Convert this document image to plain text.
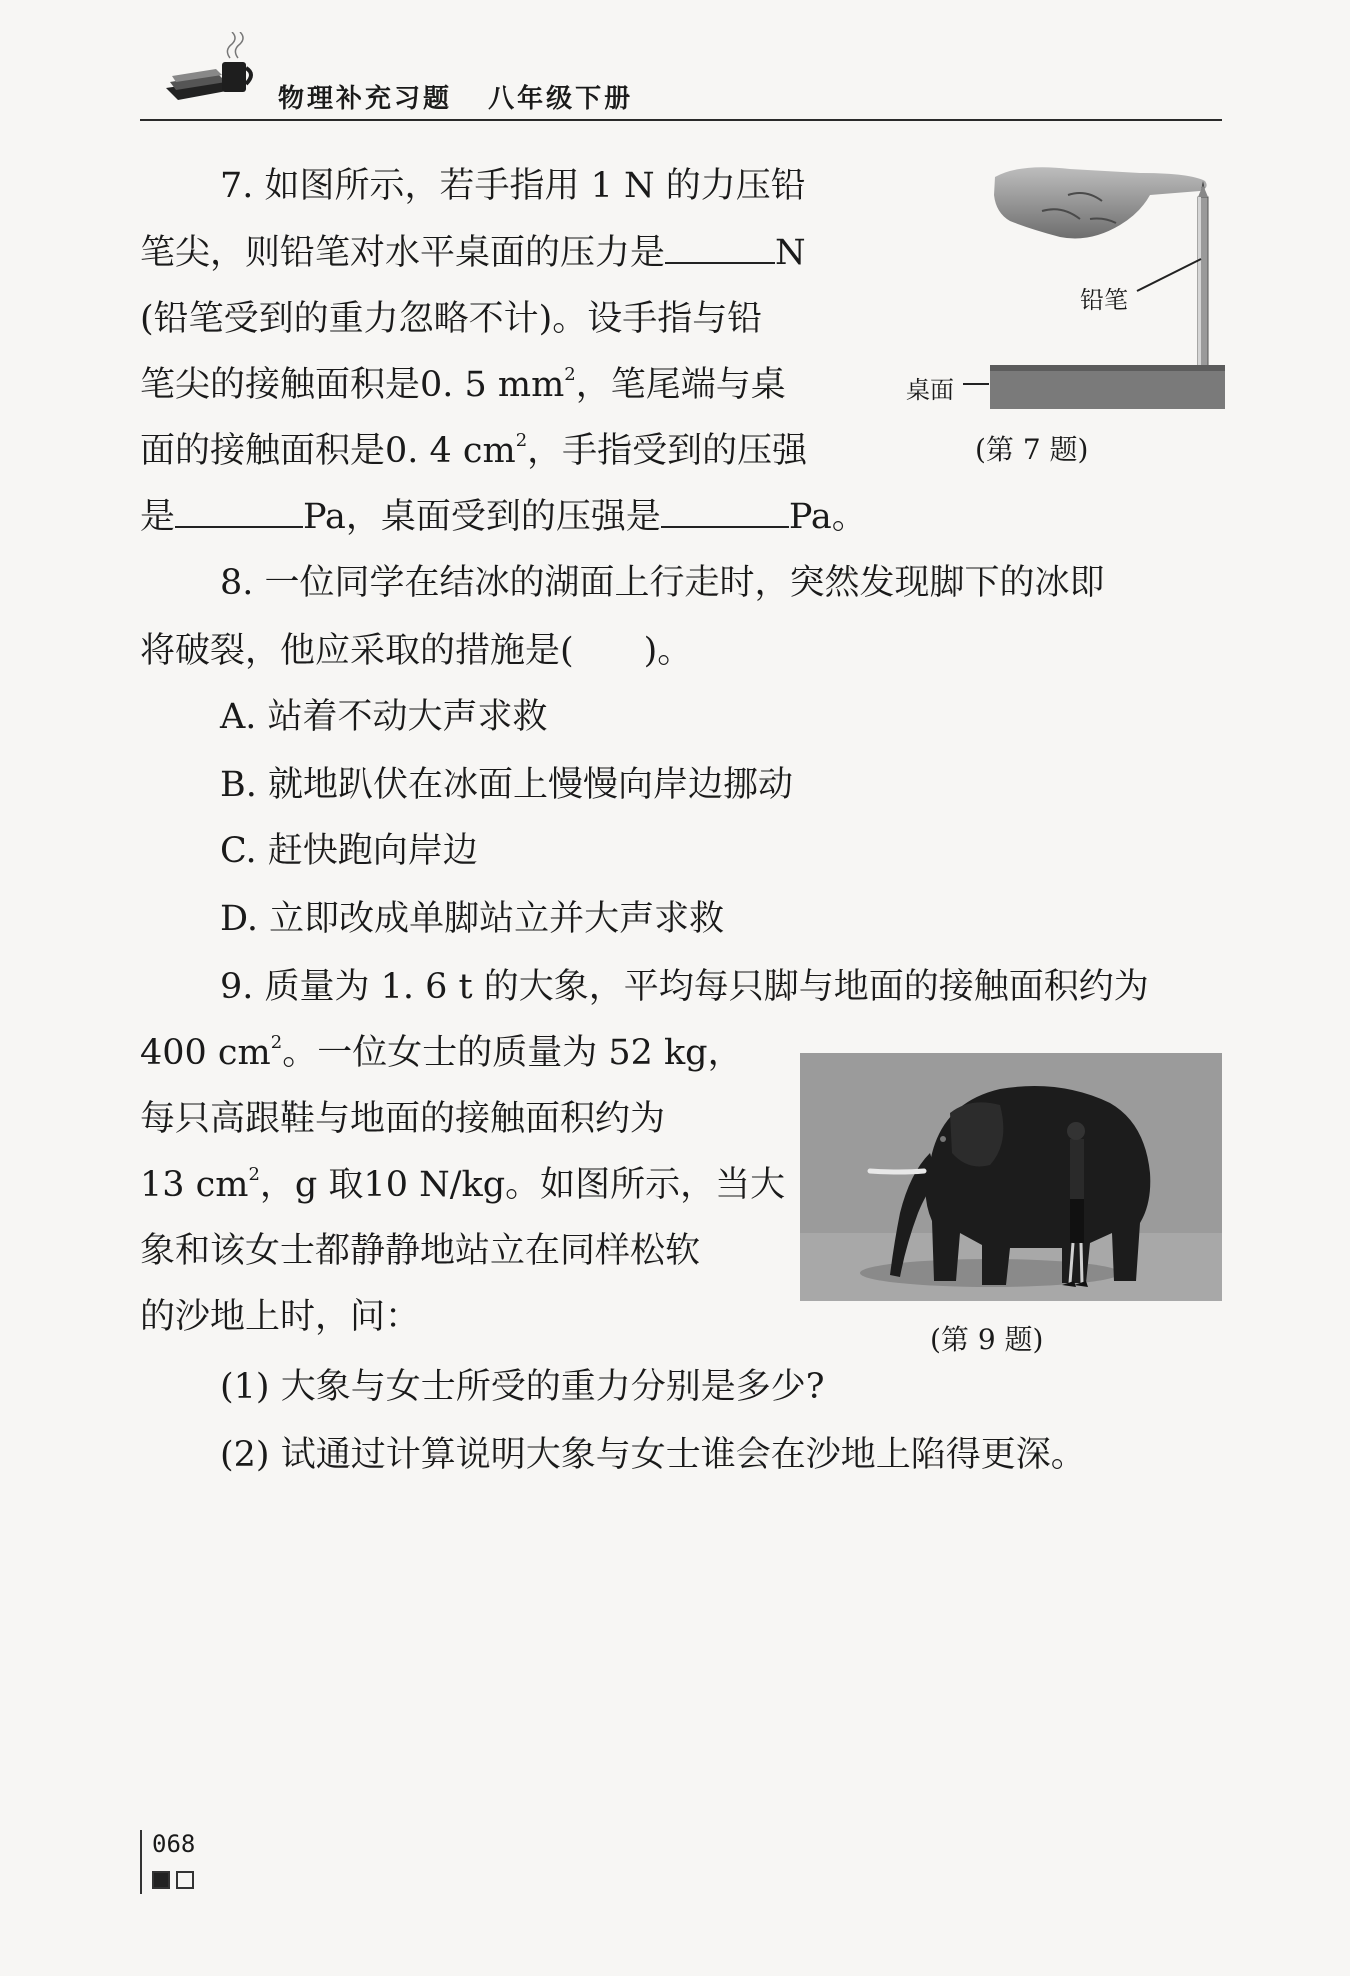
物理补充习题   八年级下册
7. 如图所示，若手指用 1 N 的力压铅
笔尖，则铅笔对水平桌面的压力是	N
(铅笔受到的重力忽略不计)。设手指与铅
笔尖的接触面积是0. 5 $mm^2$，笔尾端与桌
面的接触面积是0. 4 $cm^2$，手指受到的压强
是	Pa，桌面受到的压强是	Pa。
铅笔
桌面
(第 7 题)
8. 一位同学在结冰的湖面上行走时，突然发现脚下的冰即
将破裂，他应采取的措施是(　　)。
A. 站着不动大声求救
B. 就地趴伏在冰面上慢慢向岸边挪动
C. 赶快跑向岸边
D. 立即改成单脚站立并大声求救
9. 质量为 1. 6 t 的大象，平均每只脚与地面的接触面积约为
400 $cm^2$。一位女士的质量为 52 kg，
每只高跟鞋与地面的接触面积约为
13 $cm^2$，g 取10 N/kg。如图所示，当大
象和该女士都静静地站立在同样松软
的沙地上时，问：
(第 9 题)
(1) 大象与女士所受的重力分别是多少?
(2) 试通过计算说明大象与女士谁会在沙地上陷得更深。
068
